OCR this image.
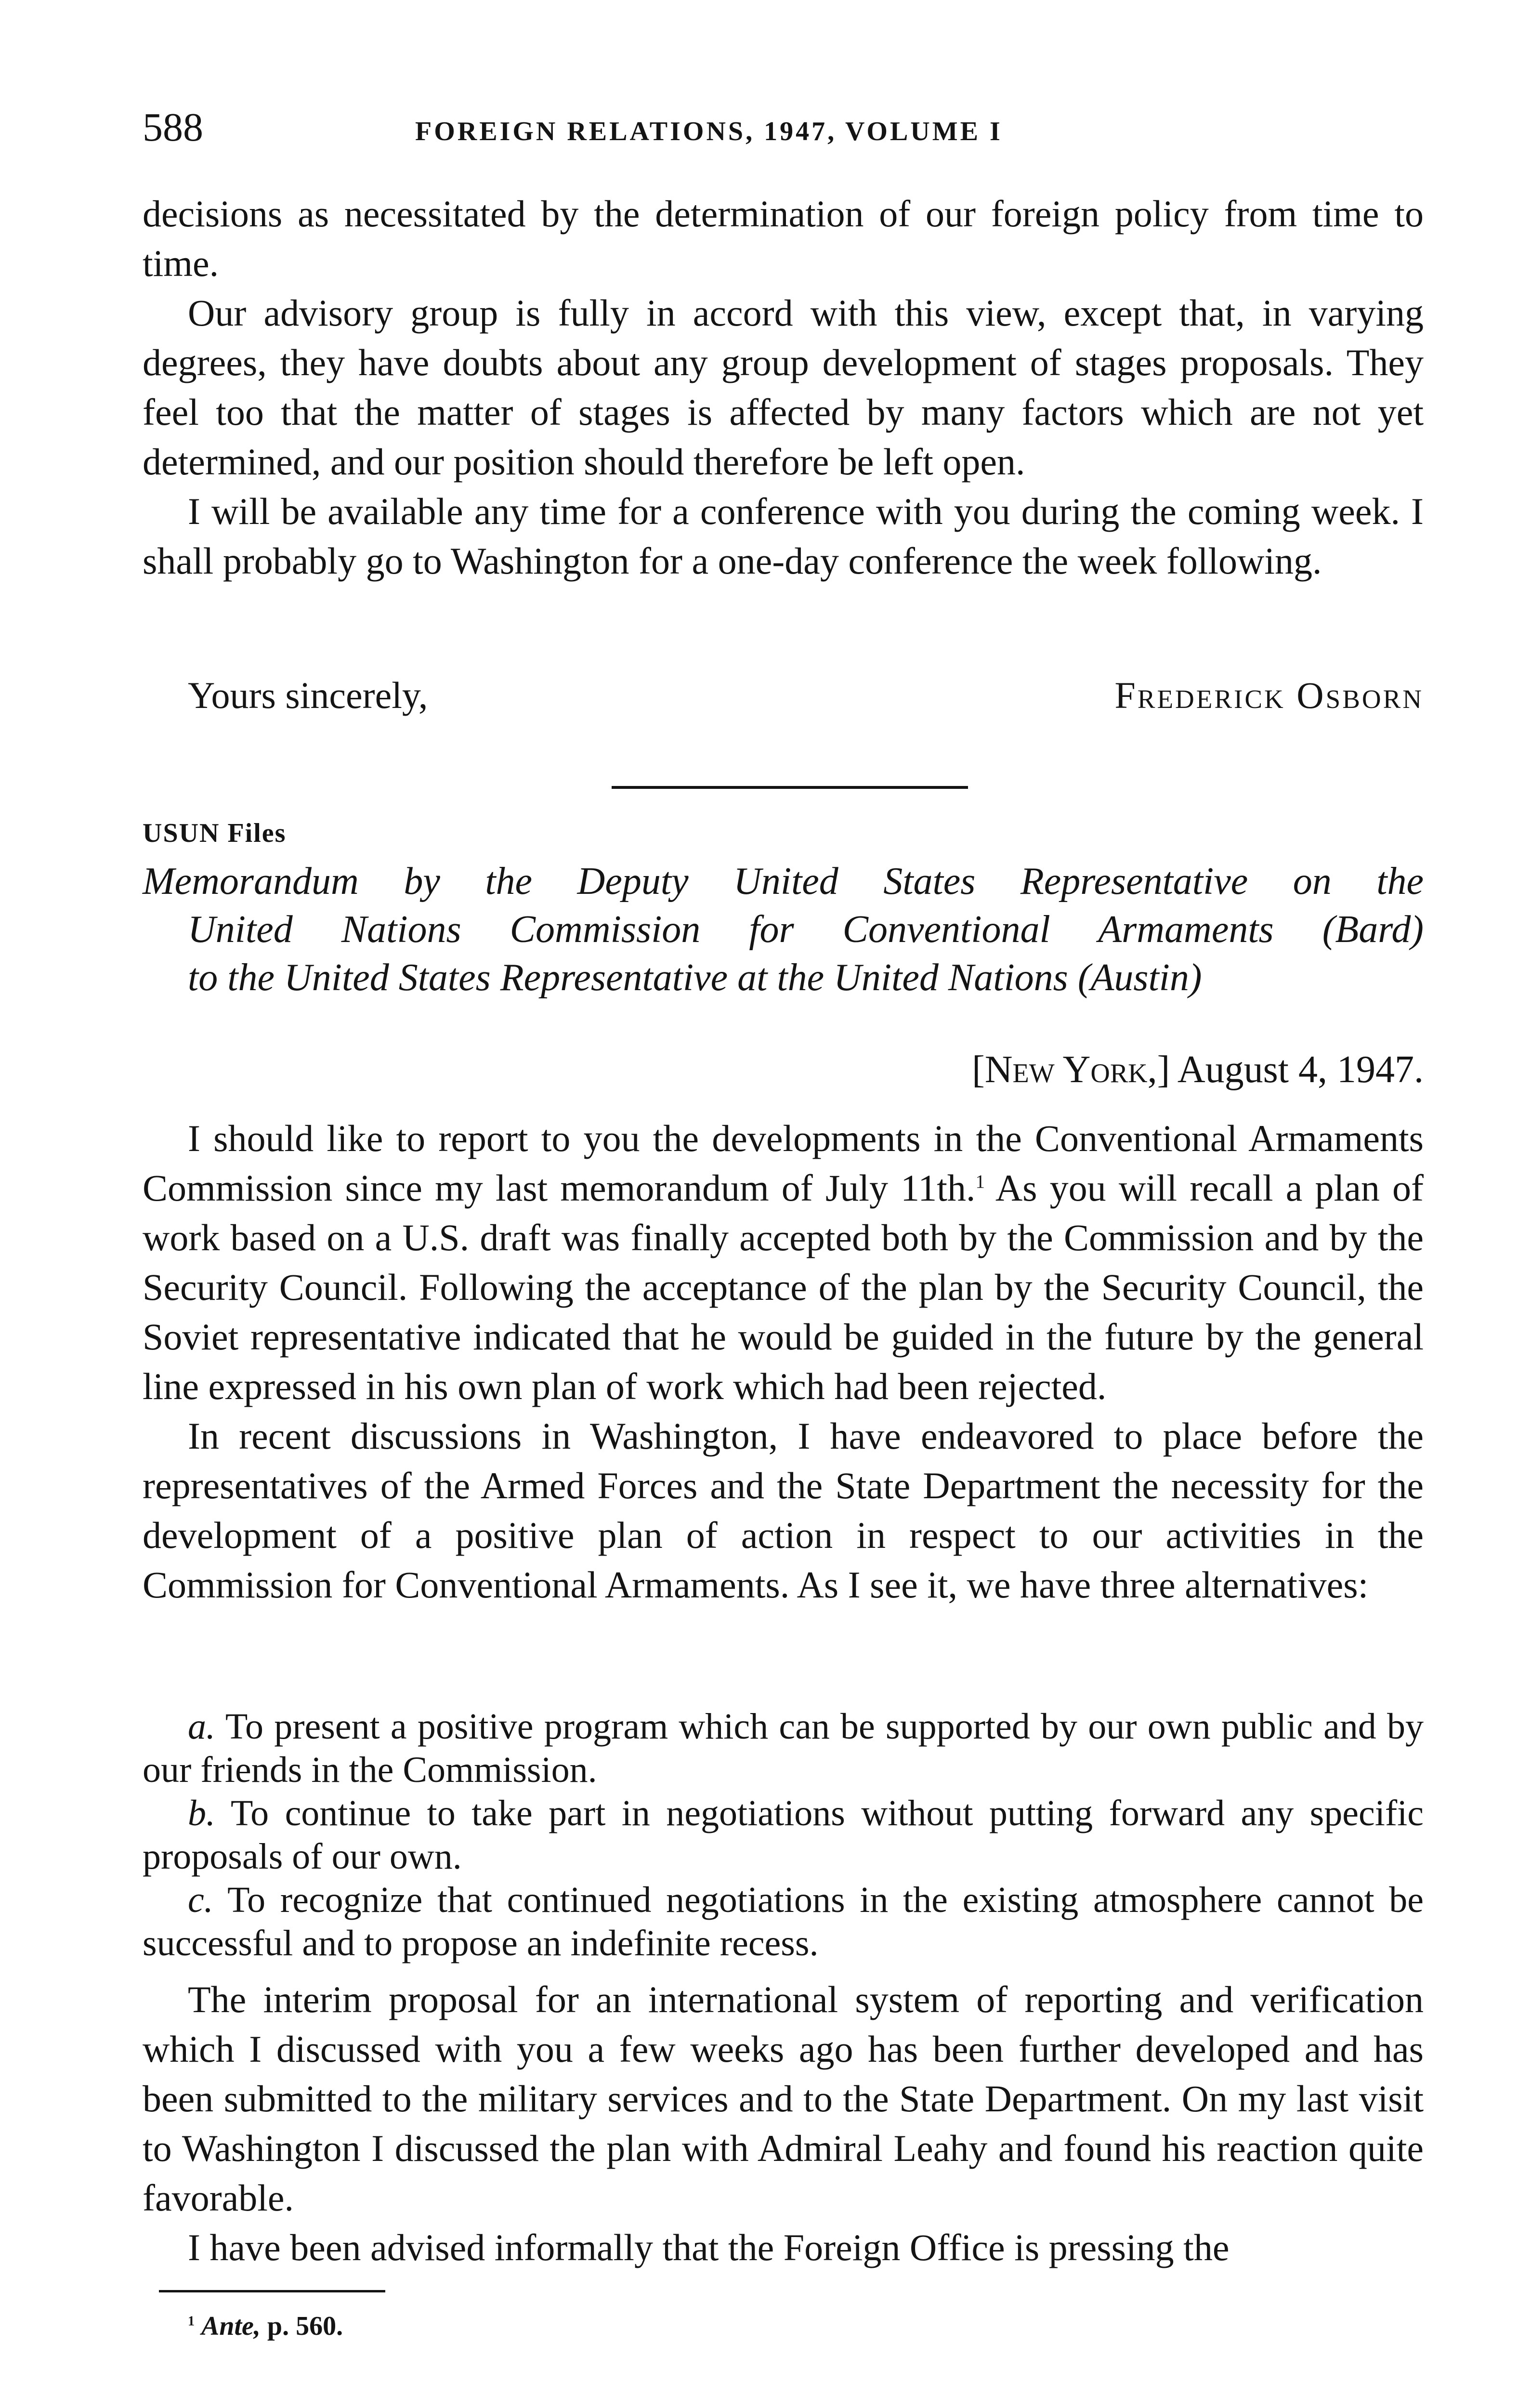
588	FOREIGN RELATIONS, 1947, VOLUME I

decisions as necessitated by the determination of our foreign policy from time to time.

Our advisory group is fully in accord with this view, except that, in varying degrees, they have doubts about any group development of stages proposals. They feel too that the matter of stages is affected by many factors which are not yet determined, and our position should therefore be left open.

I will be available any time for a conference with you during the coming week. I shall probably go to Washington for a one-day conference the week following.

Yours sincerely,	Frederick Osborn
USUN Files
Memorandum by the Deputy United States Representative on the
United Nations Commission for Conventional Armaments (Bard)
to the United States Representative at the United Nations (Austin)
[New York,] August 4, 1947.

I should like to report to you the developments in the Conventional Armaments Commission since my last memorandum of July 11th.$^1$ As you will recall a plan of work based on a U.S. draft was finally accepted both by the Commission and by the Security Council. Following the acceptance of the plan by the Security Council, the Soviet representative indicated that he would be guided in the future by the general line expressed in his own plan of work which had been rejected.

In recent discussions in Washington, I have endeavored to place before the representatives of the Armed Forces and the State Department the necessity for the development of a positive plan of action in respect to our activities in the Commission for Conventional Armaments. As I see it, we have three alternatives:

a. To present a positive program which can be supported by our own public and by our friends in the Commission.

b. To continue to take part in negotiations without putting forward any specific proposals of our own.

c. To recognize that continued negotiations in the existing atmosphere cannot be successful and to propose an indefinite recess.

The interim proposal for an international system of reporting and verification which I discussed with you a few weeks ago has been further developed and has been submitted to the military services and to the State Department. On my last visit to Washington I discussed the plan with Admiral Leahy and found his reaction quite favorable.

I have been advised informally that the Foreign Office is pressing the

$^1$ Ante, p. 560.
